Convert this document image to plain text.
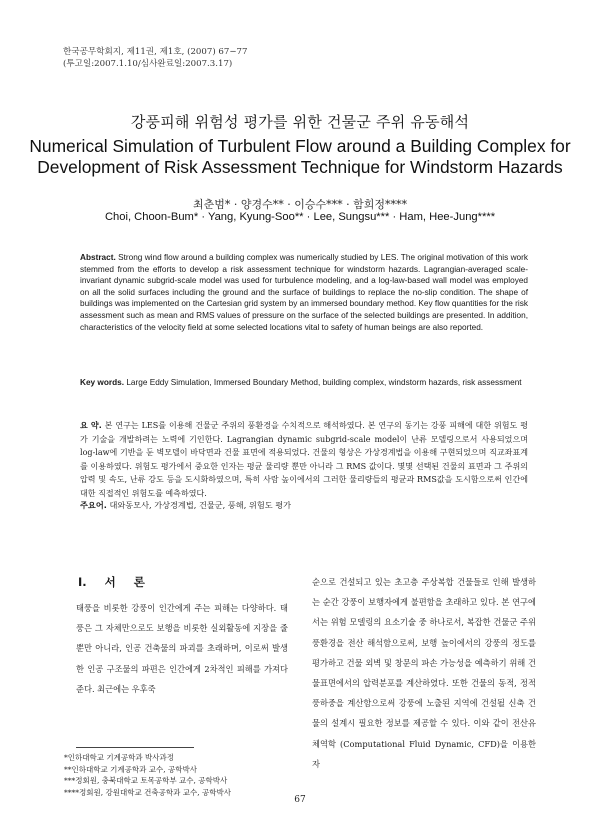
한국공무학회지, 제11권, 제1호, (2007) 67−77
(투고일:2007.1.10/심사완료일:2007.3.17)
강풍피해 위험성 평가를 위한 건물군 주위 유동해석
Numerical Simulation of Turbulent Flow around a Building Complex for
Development of Risk Assessment Technique for Windstorm Hazards
최춘범* · 양경수** · 이승수*** · 함희정****
Choi, Choon-Bum* · Yang, Kyung-Soo** · Lee, Sungsu*** · Ham, Hee-Jung****
Abstract. Strong wind flow around a building complex was numerically studied by LES. The original motivation of this work stemmed from the efforts to develop a risk assessment technique for windstorm hazards. Lagrangian-averaged scale-invariant dynamic subgrid-scale model was used for turbulence modeling, and a log-law-based wall model was employed on all the solid surfaces including the ground and the surface of buildings to replace the no-slip condition. The shape of buildings was implemented on the Cartesian grid system by an immersed boundary method. Key flow quantities for the risk assessment such as mean and RMS values of pressure on the surface of the selected buildings are presented. In addition, characteristics of the velocity field at some selected locations vital to safety of human beings are also reported.
Key words. Large Eddy Simulation, Immersed Boundary Method, building complex, windstorm hazards, risk assessment
요 약. 본 연구는 LES를 이용해 건물군 주위의 풍환경을 수치적으로 해석하였다. 본 연구의 동기는 강풍 피해에 대한 위험도 평가 기술을 개발하려는 노력에 기인한다. Lagrangian dynamic subgrid-scale model이 난류 모델링으로서 사용되었으며 log-law에 기반을 둔 벽모델이 바닥면과 건물 표면에 적용되었다. 건물의 형상은 가상경계법을 이용해 구현되었으며 직교좌표계를 이용하였다. 위험도 평가에서 중요한 인자는 평균 물리량 뿐만 아니라 그 RMS 값이다. 몇몇 선택된 건물의 표면과 그 주위의 압력 및 속도, 난류 강도 등을 도시화하였으며, 특히 사람 높이에서의 그러한 물리량들의 평균과 RMS값을 도시함으로써 인간에 대한 직접적인 위험도를 예측하였다.
주요어. 대와동모사, 가상경계법, 건물군, 풍해, 위험도 평가
I. 서 론

태풍을 비롯한 강풍이 인간에게 주는 피해는 다양하다. 태풍은 그 자체만으로도 보행을 비롯한 실외활동에 지장을 줄 뿐만 아니라, 인공 건축물의 파괴를 초래하며, 이로써 발생한 인공 구조물의 파편은 인간에게 2차적인 피해를 가져다 준다. 최근에는 우후죽

순으로 건설되고 있는 초고층 주상복합 건물들로 인해 발생하는 순간 강풍이 보행자에게 불편함을 초래하고 있다. 본 연구에서는 위험 모델링의 요소기술 중 하나로서, 복잡한 건물군 주위 풍환경을 전산 해석함으로써, 보행 높이에서의 강풍의 정도를 평가하고 건물 외벽 및 창문의 파손 가능성을 예측하기 위해 건물표면에서의 압력분포를 계산하였다. 또한 건물의 동적, 정적 풍하중을 계산함으로써 강풍에 노출된 지역에 건설될 신축 건물의 설계시 필요한 정보를 제공할 수 있다. 이와 같이 전산유체역학 (Computational Fluid Dynamic, CFD)을 이용한 자

*인하대학교 기계공학과 박사과정
**인하대학교 기계공학과 교수, 공학박사
***정회원, 충북대학교 토목공학부 교수, 공학박사
****정회원, 강원대학교 건축공학과 교수, 공학박사
67
